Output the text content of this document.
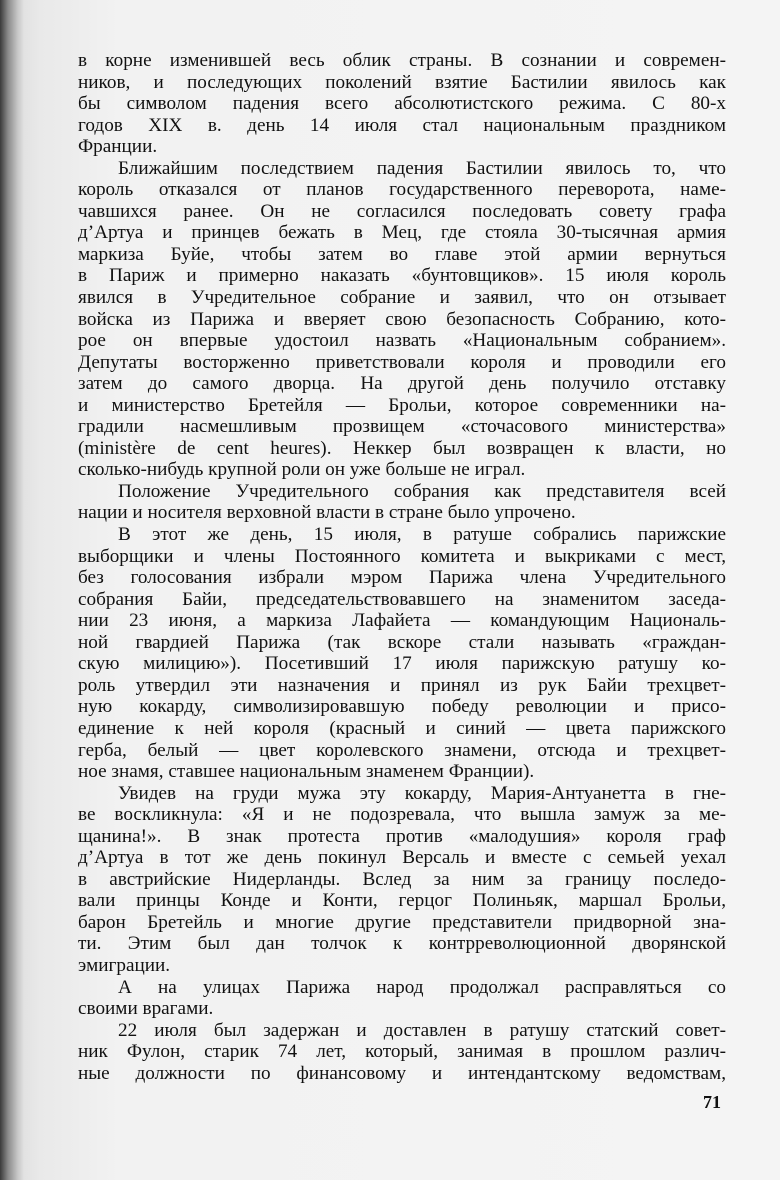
в корне изменившей весь облик страны. В сознании и современ-
ников, и последующих поколений взятие Бастилии явилось как
бы символом падения всего абсолютистского режима. С 80-х
годов XIX в. день 14 июля стал национальным праздником
Франции.
Ближайшим последствием падения Бастилии явилось то, что
король отказался от планов государственного переворота, наме-
чавшихся ранее. Он не согласился последовать совету графа
д’Артуа и принцев бежать в Мец, где стояла 30-тысячная армия
маркиза Буйе, чтобы затем во главе этой армии вернуться
в Париж и примерно наказать «бунтовщиков». 15 июля король
явился в Учредительное собрание и заявил, что он отзывает
войска из Парижа и вверяет свою безопасность Собранию, кото-
рое он впервые удостоил назвать «Национальным собранием».
Депутаты восторженно приветствовали короля и проводили его
затем до самого дворца. На другой день получило отставку
и министерство Бретейля — Брольи, которое современники на-
градили насмешливым прозвищем «сточасового министерства»
(ministère de cent heures). Неккер был возвращен к власти, но
сколько-нибудь крупной роли он уже больше не играл.
Положение Учредительного собрания как представителя всей
нации и носителя верховной власти в стране было упрочено.
В этот же день, 15 июля, в ратуше собрались парижские
выборщики и члены Постоянного комитета и выкриками с мест,
без голосования избрали мэром Парижа члена Учредительного
собрания Байи, председательствовавшего на знаменитом заседа-
нии 23 июня, а маркиза Лафайета — командующим Националь-
ной гвардией Парижа (так вскоре стали называть «граждан-
скую милицию»). Посетивший 17 июля парижскую ратушу ко-
роль утвердил эти назначения и принял из рук Байи трехцвет-
ную кокарду, символизировавшую победу революции и присо-
единение к ней короля (красный и синий — цвета парижского
герба, белый — цвет королевского знамени, отсюда и трехцвет-
ное знамя, ставшее национальным знаменем Франции).
Увидев на груди мужа эту кокарду, Мария-Антуанетта в гне-
ве воскликнула: «Я и не подозревала, что вышла замуж за ме-
щанина!». В знак протеста против «малодушия» короля граф
д’Артуа в тот же день покинул Версаль и вместе с семьей уехал
в австрийские Нидерланды. Вслед за ним за границу последо-
вали принцы Конде и Конти, герцог Полиньяк, маршал Брольи,
барон Бретейль и многие другие представители придворной зна-
ти. Этим был дан толчок к контрреволюционной дворянской
эмиграции.
А на улицах Парижа народ продолжал расправляться со
своими врагами.
22 июля был задержан и доставлен в ратушу статский совет-
ник Фулон, старик 74 лет, который, занимая в прошлом различ-
ные должности по финансовому и интендантскому ведомствам,
71
